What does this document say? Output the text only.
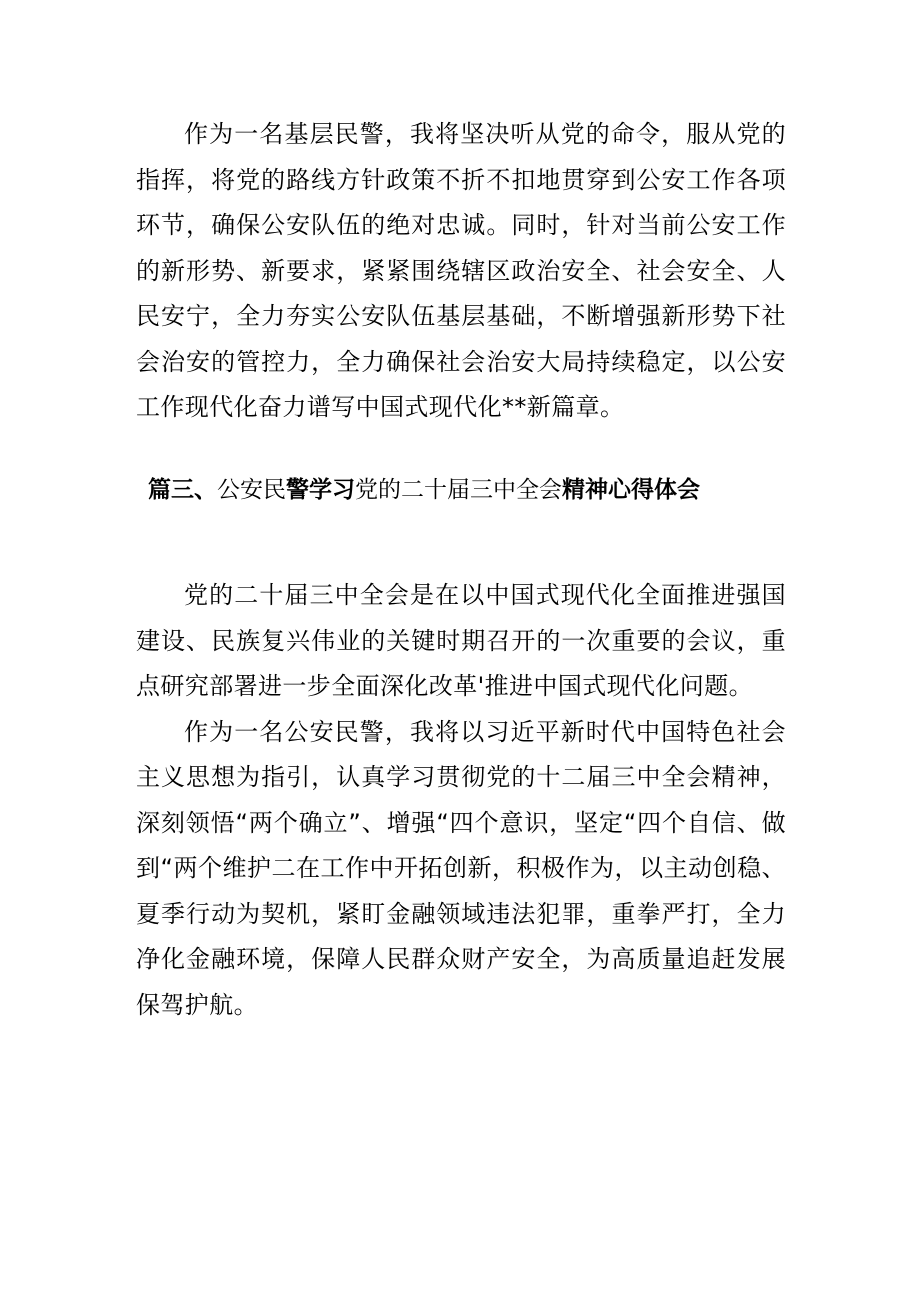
作为一名基层民警，我将坚决听从党的命令，服从党的指挥，将党的路线方针政策不折不扣地贯穿到公安工作各项环节，确保公安队伍的绝对忠诚。同时，针对当前公安工作的新形势、新要求，紧紧围绕辖区政治安全、社会安全、人民安宁，全力夯实公安队伍基层基础，不断增强新形势下社会治安的管控力，全力确保社会治安大局持续稳定，以公安工作现代化奋力谱写中国式现代化**新篇章。

篇三、公安民警学习党的二十届三中全会精神心得体会

党的二十届三中全会是在以中国式现代化全面推进强国建设、民族复兴伟业的关键时期召开的一次重要的会议，重点研究部署进一步全面深化改革'推进中国式现代化问题。

作为一名公安民警，我将以习近平新时代中国特色社会主义思想为指引，认真学习贯彻党的十二届三中全会精神，深刻领悟“两个确立”、增强“四个意识，坚定“四个自信、做到“两个维护二在工作中开拓创新，积极作为，以主动创稳、夏季行动为契机，紧盯金融领域违法犯罪，重拳严打，全力净化金融环境，保障人民群众财产安全，为高质量追赶发展保驾护航。
